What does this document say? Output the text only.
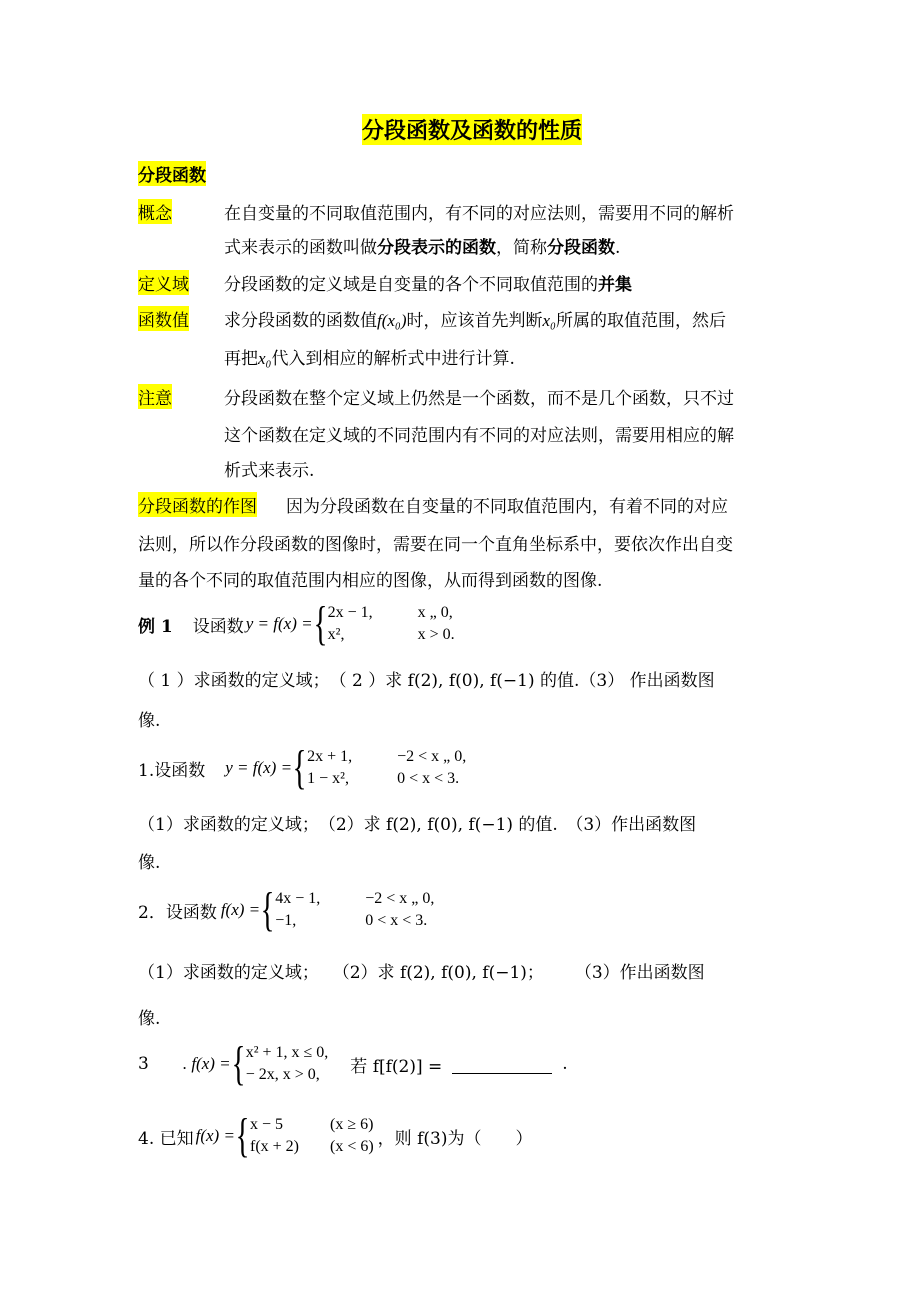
分段函数及函数的性质
分段函数
概念	在自变量的不同取值范围内，有不同的对应法则，需要用不同的解析
式来表示的函数叫做分段表示的函数，简称分段函数.
定义域 分段函数的定义域是自变量的各个不同取值范围的并集
函数值 求分段函数的函数值f(x₀)时，应该首先判断x₀所属的取值范围，然后
再把x₀代入到相应的解析式中进行计算.
注意	分段函数在整个定义域上仍然是一个函数，而不是几个函数，只不过
这个函数在定义域的不同范围内有不同的对应法则，需要用相应的解
析式来表示.
分段函数的作图 因为分段函数在自变量的不同取值范围内，有着不同的对应
法则，所以作分段函数的图像时，需要在同一个直角坐标系中，要依次作出自变
量的各个不同的取值范围内相应的图像，从而得到函数的图像.
例 1 设函数 y = f(x) = { 2x − 1,	x „ 0,
x²,	x > 0.
（ 1 ）求函数的定义域；　（ 2 ）求 f(2), f(0), f(−1) 的值.（3） 作出函数图
像.
1.设函数 y = f(x) = { 2x + 1,	−2 < x „ 0,
1 − x²,	0 < x < 3.
（1）求函数的定义域；　（2）求 f(2), f(0), f(−1) 的值.　（3）作出函数图
像.
2．设函数 f(x) = { 4x − 1,	−2 < x „ 0,
−1,	0 < x < 3.
（1）求函数的定义域；　 （2）求 f(2), f(0), f(−1)；　　 （3）作出函数图
像.
3 . f(x) = { x² + 1, x ≤ 0,
− 2x, x > 0, 若 f[f(2)] =	.
4. 已知 f(x) = { x − 5	(x ≥ 6)
f(x + 2)	(x < 6) ，则 f(3)为（　　）
